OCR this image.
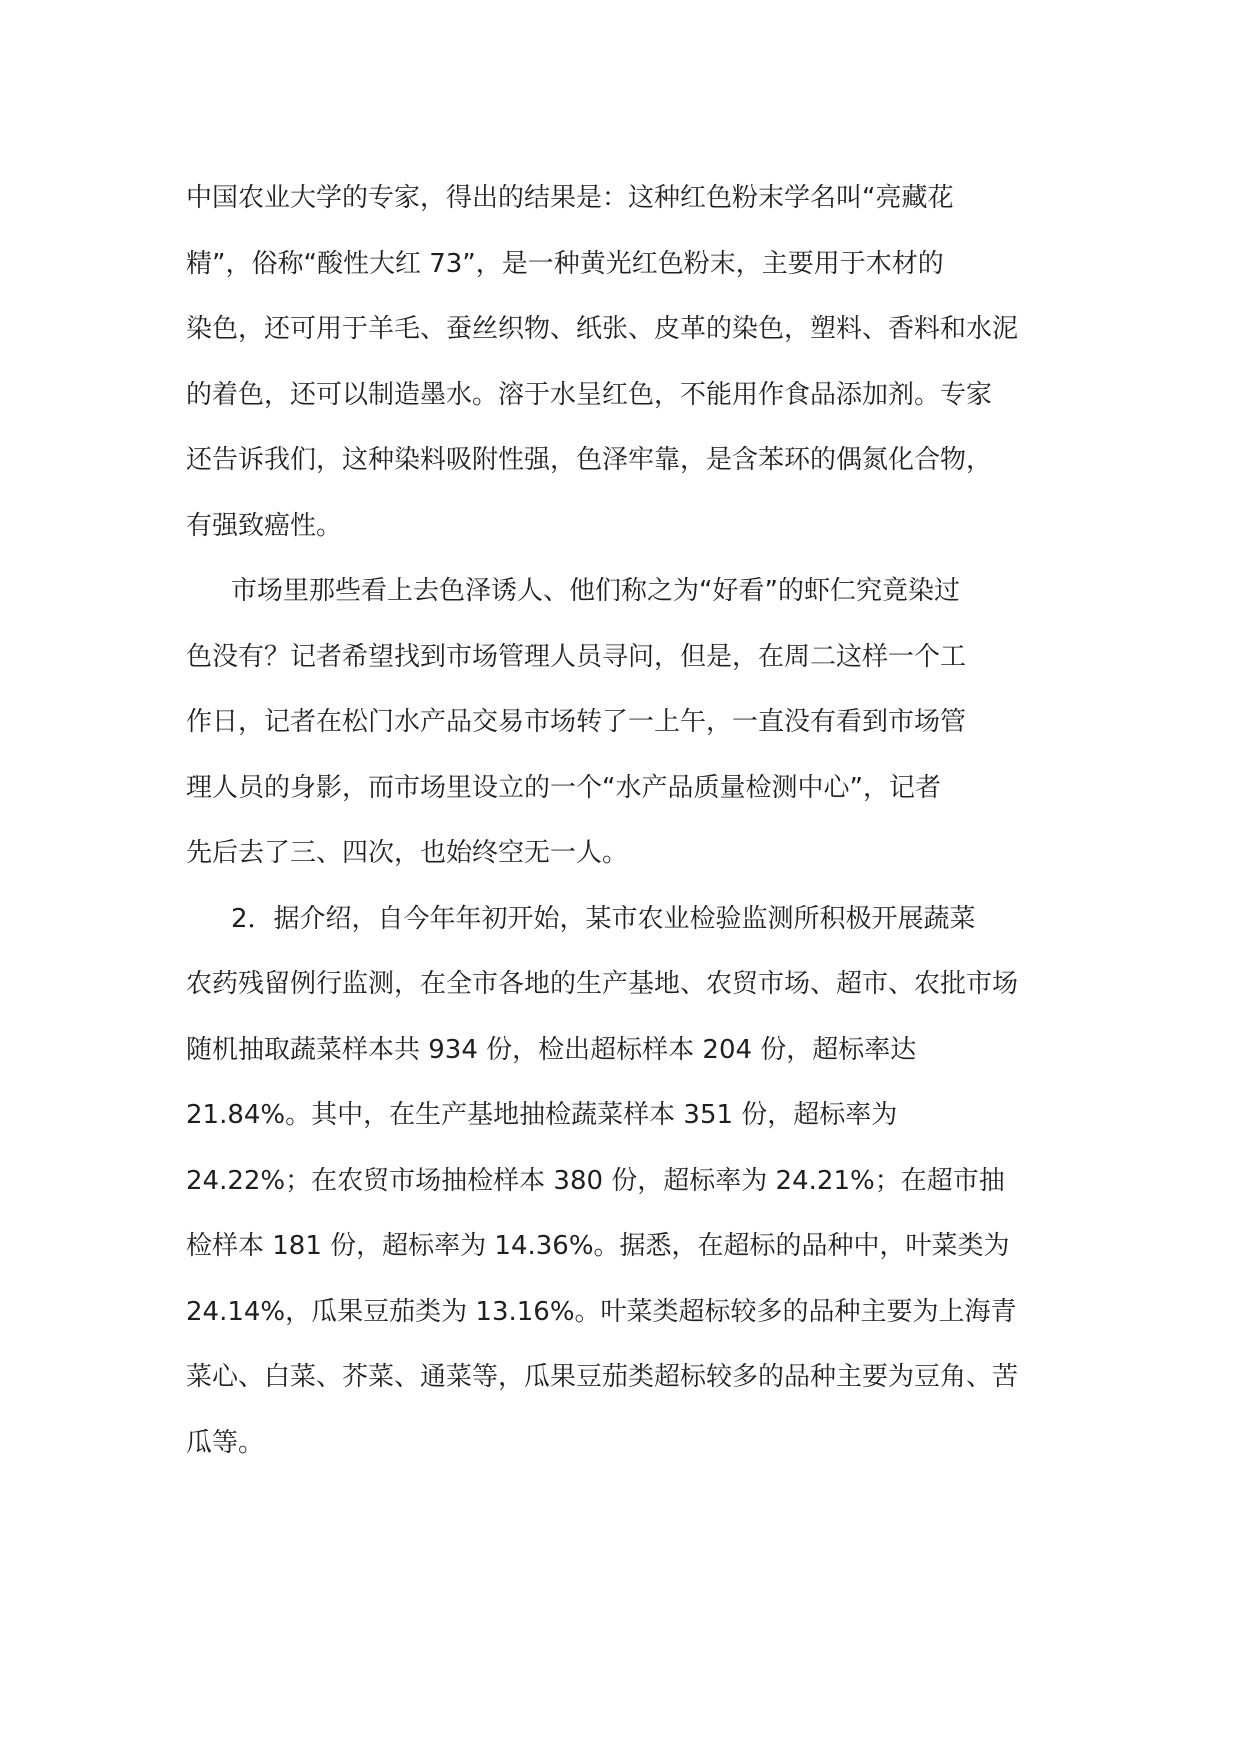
中国农业大学的专家，得出的结果是：这种红色粉末学名叫“亮藏花
精”，俗称“酸性大红 73”，是一种黄光红色粉末，主要用于木材的
染色，还可用于羊毛、蚕丝织物、纸张、皮革的染色，塑料、香料和水泥
的着色，还可以制造墨水。溶于水呈红色，不能用作食品添加剂。专家
还告诉我们，这种染料吸附性强，色泽牢靠，是含苯环的偶氮化合物，
有强致癌性。
市场里那些看上去色泽诱人、他们称之为“好看”的虾仁究竟染过
色没有？记者希望找到市场管理人员寻问，但是，在周二这样一个工
作日，记者在松门水产品交易市场转了一上午，一直没有看到市场管
理人员的身影，而市场里设立的一个“水产品质量检测中心”，记者
先后去了三、四次，也始终空无一人。
2．据介绍，自今年年初开始，某市农业检验监测所积极开展蔬菜
农药残留例行监测，在全市各地的生产基地、农贸市场、超市、农批市场
随机抽取蔬菜样本共 934 份，检出超标样本 204 份，超标率达
21.84%。其中，在生产基地抽检蔬菜样本 351 份，超标率为
24.22%；在农贸市场抽检样本 380 份，超标率为 24.21%；在超市抽
检样本 181 份，超标率为 14.36%。据悉，在超标的品种中，叶菜类为
24.14%，瓜果豆茄类为 13.16%。叶菜类超标较多的品种主要为上海青
菜心、白菜、芥菜、通菜等，瓜果豆茄类超标较多的品种主要为豆角、苦
瓜等。
